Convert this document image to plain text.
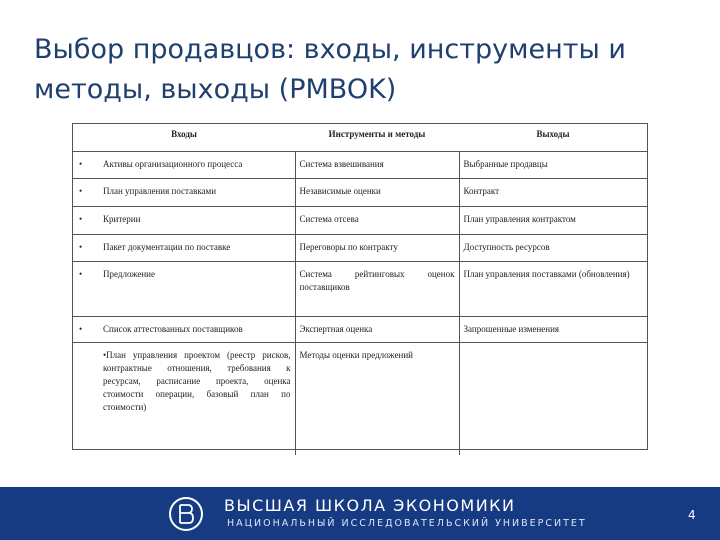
Выбор продавцов: входы, инструменты и методы, выходы (PMBOK)
Входы		Инструменты и методы	Выходы
•	Активы организационного процесса	Система взвешивания	Выбранные продавцы
•	План управления поставками	Независимые оценки	Контракт
•	Критерии	Система отсева	План управления контрактом
•	Пакет документации по поставке	Переговоры по контракту	Доступность ресурсов
•	Предложение	Система рейтинговых оценок поставщиков	План управления поставками (обновления)
•	Список аттестованных поставщиков	Экспертная оценка	Запрошенные изменения
	•План управления проектом (реестр рисков, контрактные отношения, требования к ресурсам, расписание проекта, оценка стоимости операции, базовый план по стоимости)	Методы оценки предложений	
ВЫСШАЯ ШКОЛА ЭКОНОМИКИ
НАЦИОНАЛЬНЫЙ ИССЛЕДОВАТЕЛЬСКИЙ УНИВЕРСИТЕТ
4
